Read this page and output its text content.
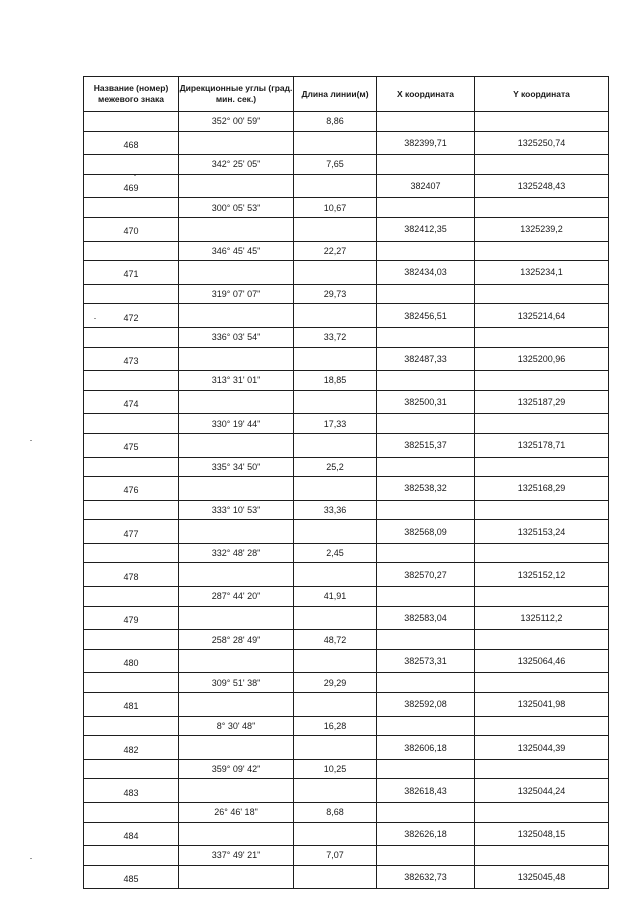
Название (номер) межевого знака	Дирекционные углы (град. мин. сек.)	Длина линии(м)	X координата	Y координата
	352° 00' 59"	8,86		
468			382399,71	1325250,74
	342° 25' 05"	7,65		
469			382407	1325248,43
	300° 05' 53"	10,67		
470			382412,35	1325239,2
	346° 45' 45"	22,27		
471			382434,03	1325234,1
	319° 07' 07"	29,73		
472			382456,51	1325214,64
	336° 03' 54"	33,72		
473			382487,33	1325200,96
	313° 31' 01"	18,85		
474			382500,31	1325187,29
	330° 19' 44"	17,33		
475			382515,37	1325178,71
	335° 34' 50"	25,2		
476			382538,32	1325168,29
	333° 10' 53"	33,36		
477			382568,09	1325153,24
	332° 48' 28"	2,45		
478			382570,27	1325152,12
	287° 44' 20"	41,91		
479			382583,04	1325112,2
	258° 28' 49"	48,72		
480			382573,31	1325064,46
	309° 51' 38"	29,29		
481			382592,08	1325041,98
	8° 30' 48"	16,28		
482			382606,18	1325044,39
	359° 09' 42"	10,25		
483			382618,43	1325044,24
	26° 46' 18"	8,68		
484			382626,18	1325048,15
	337° 49' 21"	7,07		
485			382632,73	1325045,48
